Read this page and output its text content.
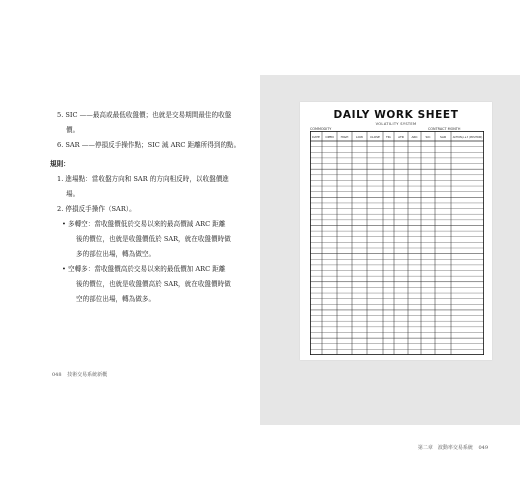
5. SIC ——最高或最低收盤價；也就是交易期間最佳的收盤

價。

6. SAR ——停損反手操作點；SIC 減 ARC 距離所得到的點。

規則：

1. 進場點：當收盤方向和 SAR 的方向相反時，以收盤價進

場。

2. 停損反手操作（SAR）。

• 多轉空：當收盤價低於交易以來的最高價減 ARC 距離

後的價位，也就是收盤價低於 SAR，就在收盤價時做

多的部位出場，轉為做空。

• 空轉多：當收盤價高於交易以來的最低價加 ARC 距離

後的價位，也就是收盤價高於 SAR，就在收盤價時做

空的部位出場，轉為做多。

048 技術交易系統新概
第二章　波動率交易系統 049
DAILY WORK SHEET
VOLATILITY SYSTEM
COMMODITY	CONTRACT MONTH
DATE OPEN HIGH	LOW CLOSE	TR₁ ATR	ARC	SIC	SAR	ACTION p.s.f. (POSITION)
